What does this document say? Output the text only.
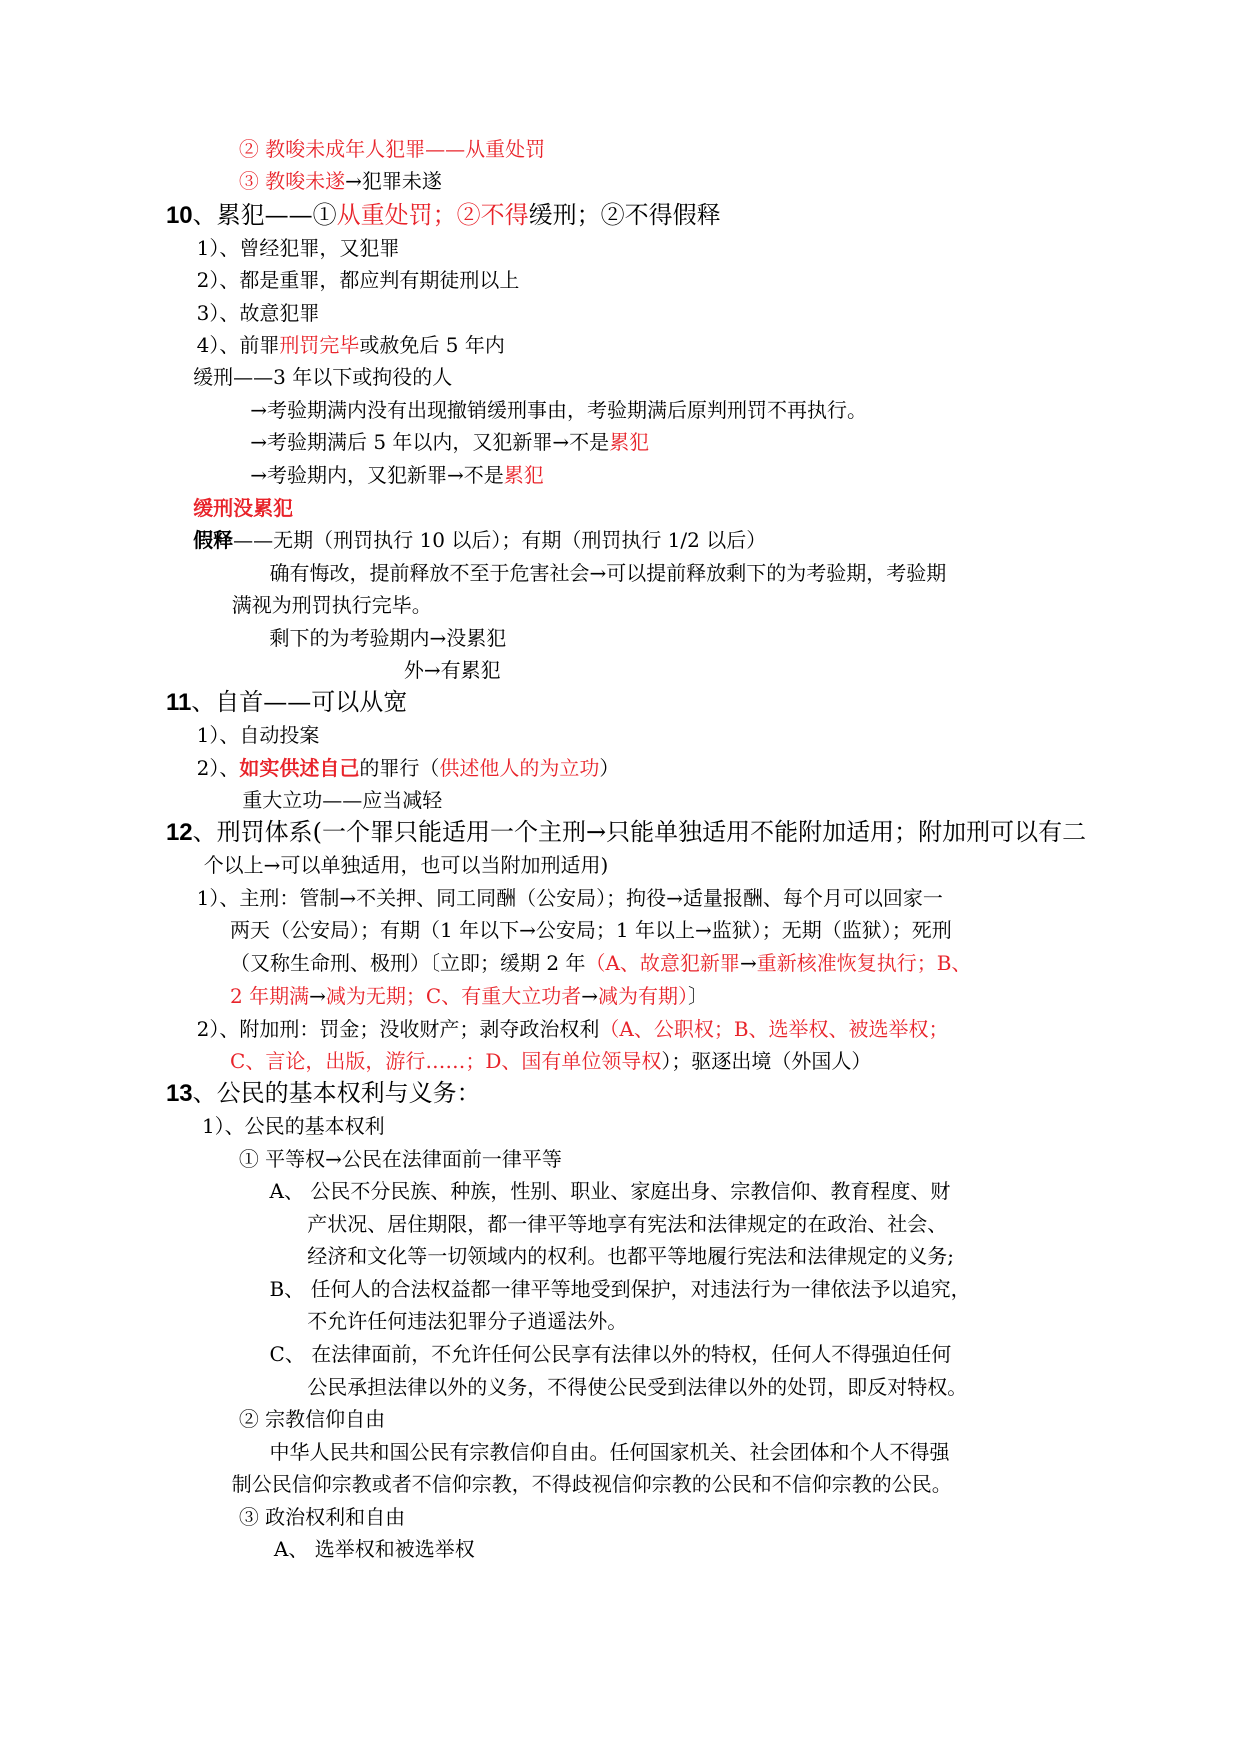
② 教唆未成年人犯罪——从重处罚
③ 教唆未遂→犯罪未遂
10、累犯——①从重处罚；②不得缓刑；②不得假释
1）、曾经犯罪，又犯罪
2）、都是重罪，都应判有期徒刑以上
3）、故意犯罪
4）、前罪刑罚完毕或赦免后 5 年内
缓刑——3 年以下或拘役的人
→考验期满内没有出现撤销缓刑事由，考验期满后原判刑罚不再执行。
→考验期满后 5 年以内，又犯新罪→不是累犯
→考验期内，又犯新罪→不是累犯
缓刑没累犯
假释——无期（刑罚执行 10 以后）；有期（刑罚执行 1/2 以后）
确有悔改，提前释放不至于危害社会→可以提前释放剩下的为考验期，考验期
满视为刑罚执行完毕。
剩下的为考验期内→没累犯
外→有累犯
11、自首——可以从宽
1）、自动投案
2）、如实供述自己的罪行（供述他人的为立功）
重大立功——应当减轻
12、刑罚体系(一个罪只能适用一个主刑→只能单独适用不能附加适用；附加刑可以有二
个以上→可以单独适用，也可以当附加刑适用)
1）、主刑：管制→不关押、同工同酬（公安局）；拘役→适量报酬、每个月可以回家一
两天（公安局）；有期（1 年以下→公安局；1 年以上→监狱）；无期（监狱）；死刑
（又称生命刑、极刑）〔立即；缓期 2 年（A、故意犯新罪→重新核准恢复执行；B、
2 年期满→减为无期；C、有重大立功者→减为有期）〕
2）、附加刑：罚金；没收财产；剥夺政治权利（A、公职权；B、选举权、被选举权；
C、言论，出版，游行……；D、国有单位领导权）；驱逐出境（外国人）
13、公民的基本权利与义务：
1）、公民的基本权利
① 平等权→公民在法律面前一律平等
A、 公民不分民族、种族，性别、职业、家庭出身、宗教信仰、教育程度、财
产状况、居住期限，都一律平等地享有宪法和法律规定的在政治、社会、
经济和文化等一切领域内的权利。也都平等地履行宪法和法律规定的义务;
B、 任何人的合法权益都一律平等地受到保护，对违法行为一律依法予以追究，
不允许任何违法犯罪分子逍遥法外。
C、 在法律面前，不允许任何公民享有法律以外的特权，任何人不得强迫任何
公民承担法律以外的义务，不得使公民受到法律以外的处罚，即反对特权。
② 宗教信仰自由
中华人民共和国公民有宗教信仰自由。任何国家机关、社会团体和个人不得强
制公民信仰宗教或者不信仰宗教，不得歧视信仰宗教的公民和不信仰宗教的公民。
③ 政治权利和自由
A、 选举权和被选举权
